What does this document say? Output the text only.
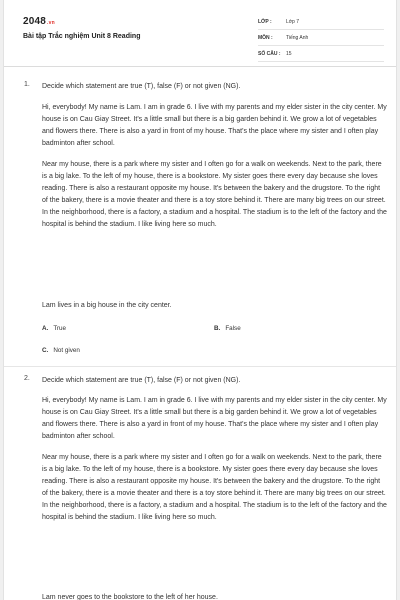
2048.vn
Bài tập Trắc nghiệm Unit 8 Reading
LỚP :	Lớp 7
MÔN :	Tiếng Anh
SỐ CÂU :	15
1. Decide which statement are true (T), false (F) or not given (NG).

Hi, everybody! My name is Lam. I am in grade 6. I live with my parents and my elder sister in the city center. My house is on Cau Giay Street. It's a little small but there is a big garden behind it. We grow a lot of vegetables and flowers there. There is also a yard in front of my house. That's the place where my sister and I often play badminton after school.

Near my house, there is a park where my sister and I often go for a walk on weekends. Next to the park, there is a big lake. To the left of my house, there is a bookstore. My sister goes there every day because she loves reading. There is also a restaurant opposite my house. It's between the bakery and the drugstore. To the right of the bakery, there is a movie theater and there is a toy store behind it. There are many big trees on our street. In the neighborhood, there is a factory, a stadium and a hospital. The stadium is to the left of the factory and the hospital is behind the stadium. I like living here so much.

Lam lives in a big house in the city center.
A. True	B. False
C. Not given
2. Decide which statement are true (T), false (F) or not given (NG).

Hi, everybody! My name is Lam. I am in grade 6. I live with my parents and my elder sister in the city center. My house is on Cau Giay Street. It's a little small but there is a big garden behind it. We grow a lot of vegetables and flowers there. There is also a yard in front of my house. That's the place where my sister and I often play badminton after school.

Near my house, there is a park where my sister and I often go for a walk on weekends. Next to the park, there is a big lake. To the left of my house, there is a bookstore. My sister goes there every day because she loves reading. There is also a restaurant opposite my house. It's between the bakery and the drugstore. To the right of the bakery, there is a movie theater and there is a toy store behind it. There are many big trees on our street. In the neighborhood, there is a factory, a stadium and a hospital. The stadium is to the left of the factory and the hospital is behind the stadium. I like living here so much.

Lam never goes to the bookstore to the left of her house.
